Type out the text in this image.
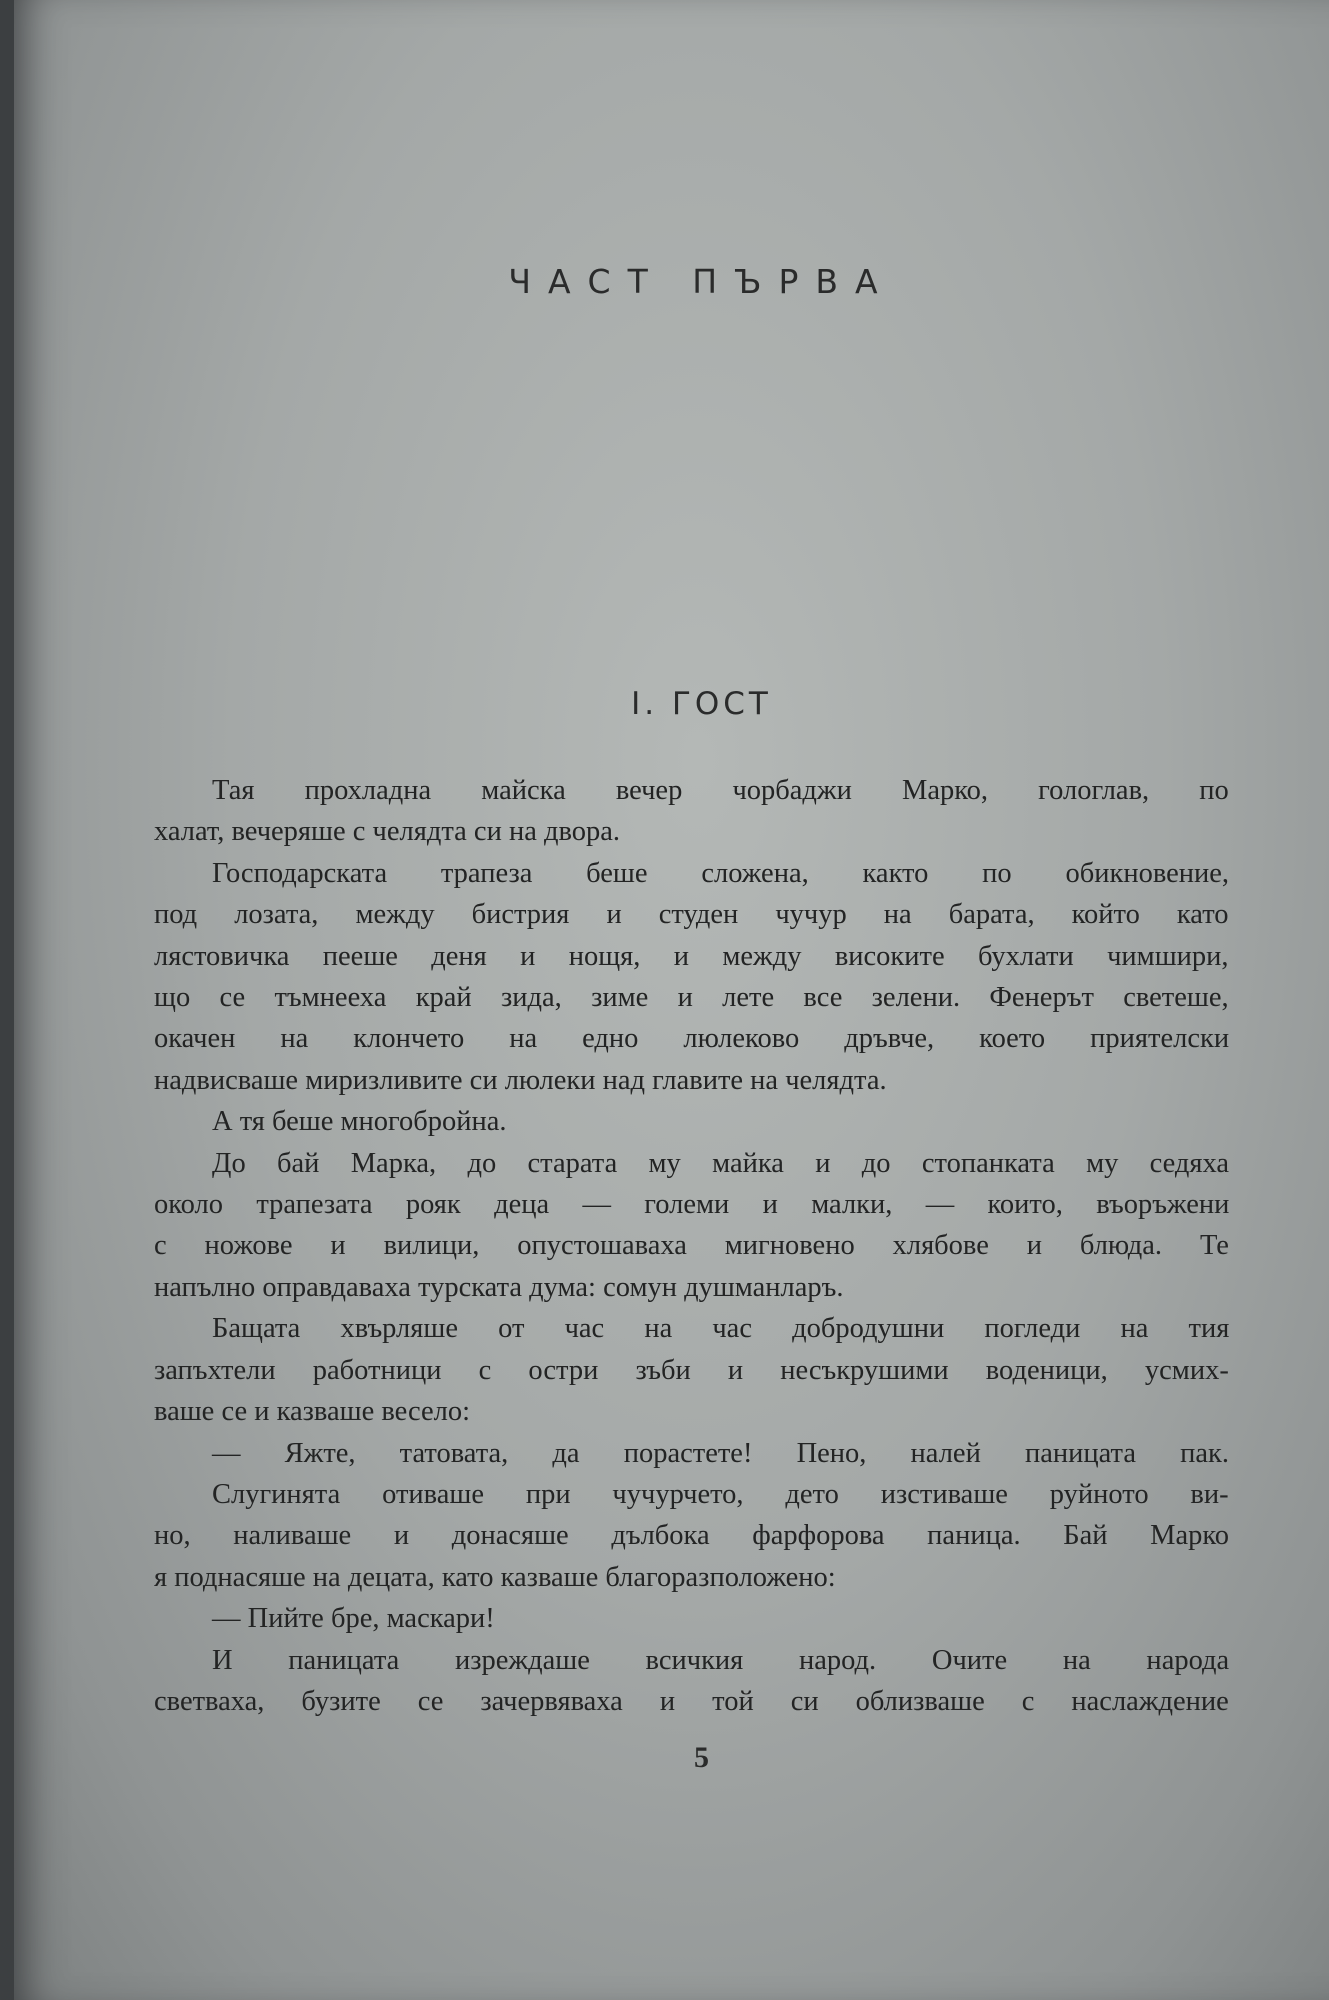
ЧАСТ ПЪРВА
I. ГОСТ
Тая прохладна майска вечер чорбаджи Марко, гологлав, по
халат, вечеряше с челядта си на двора.
Господарската трапеза беше сложена, както по обикновение,
под лозата, между бистрия и студен чучур на барата, който като
лястовичка пееше деня и нощя, и между високите бухлати чимшири,
що се тъмнееха край зида, зиме и лете все зелени. Фенерът светеше,
окачен на клончето на едно люлеково дръвче, което приятелски
надвисваше миризливите си люлеки над главите на челядта.
А тя беше многобройна.
До бай Марка, до старата му майка и до стопанката му седяха
около трапезата рояк деца — големи и малки, — които, въоръжени
с ножове и вилици, опустошаваха мигновено хлябове и блюда. Те
напълно оправдаваха турската дума: сомун душманларъ.
Бащата хвърляше от час на час добродушни погледи на тия
запъхтели работници с остри зъби и несъкрушими воденици, усмих-
ваше се и казваше весело:
— Яжте, татовата, да порастете! Пено, налей паницата пак.
Слугинята отиваше при чучурчето, дето изстиваше руйното ви-
но, наливаше и донасяше дълбока фарфорова паница. Бай Марко
я поднасяше на децата, като казваше благоразположено:
— Пийте бре, маскари!
И паницата изреждаше всичкия народ. Очите на народа
светваха, бузите се зачервяваха и той си облизваше с наслаждение
5
